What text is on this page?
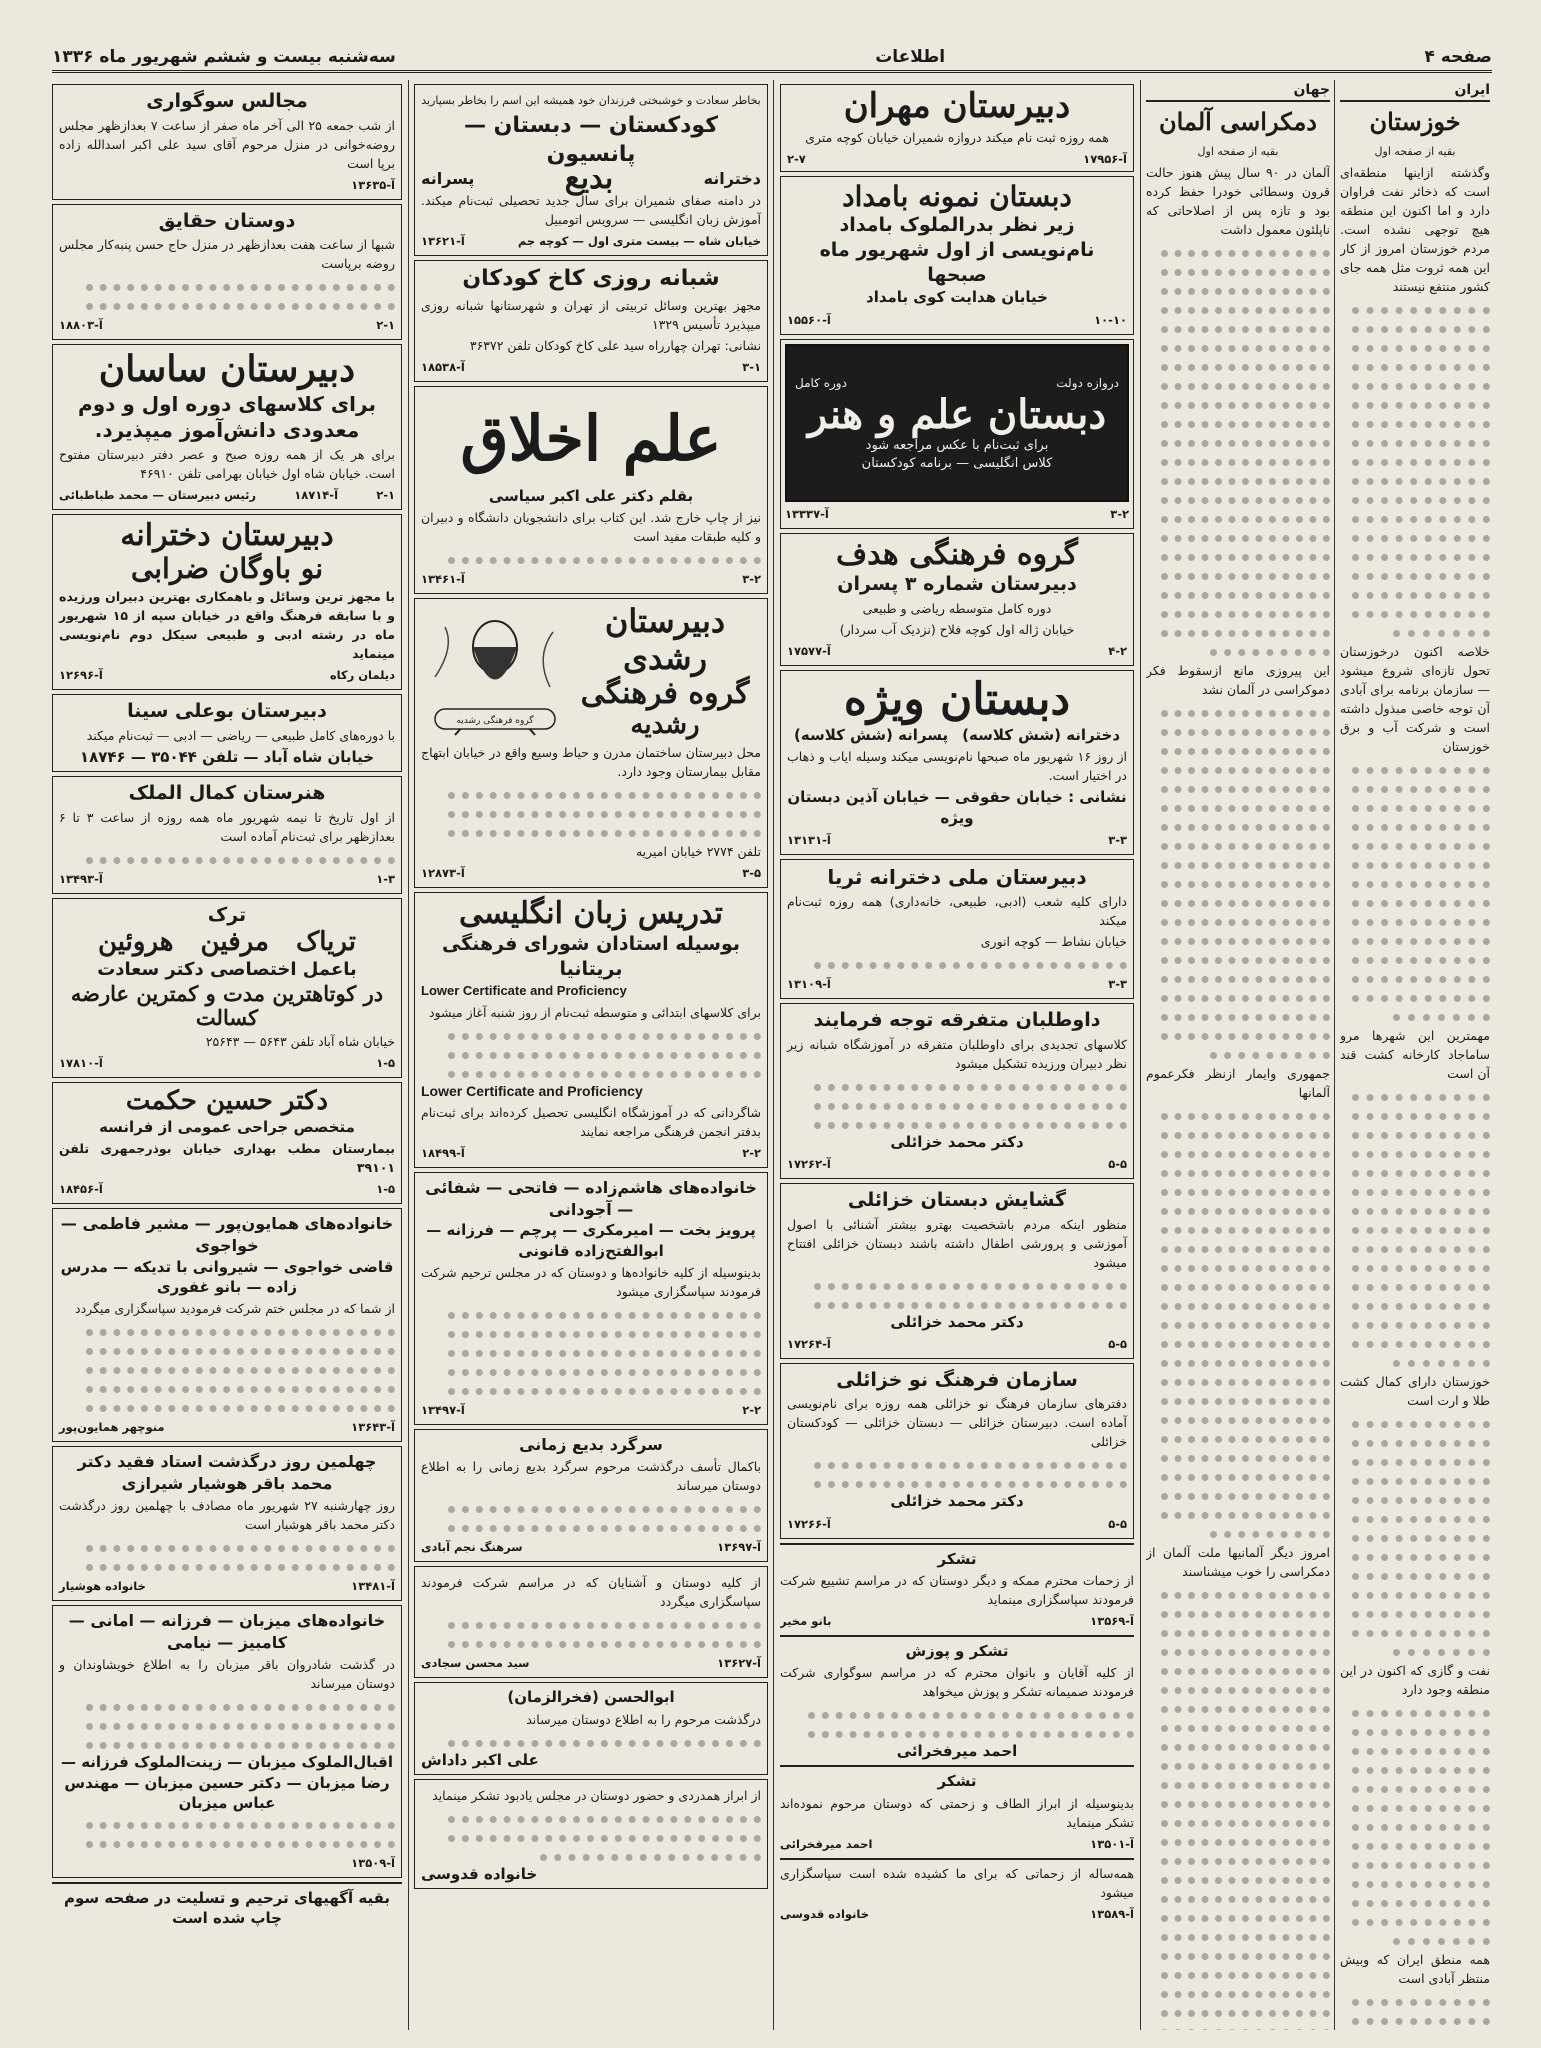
صفحه ۴
اطلاعات
سه‌شنبه بیست و ششم شهریور ماه ۱۳۳۶
ایران
خوزستان
بقیه از صفحه اول
وگذشته ازاینها منطقه‌ای است که ذخائر نفت فراوان دارد و اما اکنون این منطقه هیچ توجهی نشده است. مردم خوزستان امروز از کار این همه ثروت مثل همه جای کشور منتفع نیستند
خلاصه اکنون درخوزستان تحول تازه‌ای شروع میشود — سازمان برنامه برای آبادی آن توجه خاصی مبذول داشته است و شرکت آب و برق خوزستان
مهمترین این شهرها مرو ساماجاد کارخانه کشت قند آن است
خوزستان دارای کمال کشت طلا و ارت است
نفت و گازی که اکنون در این منطقه وجود دارد
همه منطق ایران که وبیش منتظر آبادی است
جهان
دمکراسی آلمان
بقیه از صفحه اول
آلمان در ۹۰ سال پیش هنوز حالت قرون وسطائی خودرا حفظ کرده بود و تازه پس از اصلاحاتی که ناپلئون معمول داشت
این پیروزی مانع ازسقوط فکر دموکراسی در آلمان نشد
جمهوری وایمار ازنظر فکرعموم آلمانها
امروز دیگر آلمانیها ملت آلمان از دمکراسی را خوب میشناسند
دبیرستان مهران
همه روزه ثبت نام میکند دروازه شمیران خیابان کوچه متری
آ-۱۷۹۵۶
۲-۷
دبستان نمونه بامداد
زیر نظر بدرالملوک بامداد
نام‌نویسی از اول شهریور ماه صبحها
خیابان هدایت کوی بامداد
۱۰-۱۰
آ-۱۵۵۶۰
دروازه دولت
دوره کامل
دبستان علم و هنر
برای ثبت‌نام با عکس مراجعه شود
کلاس انگلیسی — برنامه کودکستان
۳-۲
آ-۱۳۳۳۷
گروه فرهنگی هدف
دبیرستان شماره ۳ پسران
دوره کامل متوسطه ریاضی و طبیعی
خیابان ژاله اول کوچه فلاح (نزدیک آب سردار)
۴-۲
آ-۱۷۵۷۷
دبستان ویژه
دخترانه (شش کلاسه)
پسرانه (شش کلاسه)
از روز ۱۶ شهریور ماه صبحها نام‌نویسی میکند وسیله ایاب و ذهاب در اختیار است.
نشانی : خیابان حقوقی — خیابان آذین دبستان ویژه
۳-۳
آ-۱۳۱۳۱
دبیرستان ملی دخترانه ثریا
دارای کلیه شعب (ادبی، طبیعی، خانه‌داری) همه روزه ثبت‌نام میکند
خیابان نشاط — کوچه انوری
۳-۳
آ-۱۳۱۰۹
داوطلبان متفرقه توجه فرمایند
کلاسهای تجدیدی برای داوطلبان متفرقه در آموزشگاه شبانه زیر نظر دبیران ورزیده تشکیل میشود
دکتر محمد خزائلی
۵-۵
آ-۱۷۲۶۲
گشایش دبستان خزائلی
منظور اینکه مردم باشخصیت بهترو بیشتر آشنائی با اصول آموزشی و پرورشی اطفال داشته باشند دبستان خزائلی افتتاح میشود
دکتر محمد خزائلی
۵-۵
آ-۱۷۲۶۴
سازمان فرهنگ نو خزائلی
دفترهای سازمان فرهنگ نو خزائلی همه روزه برای نام‌نویسی آماده است. دبیرستان خزائلی — دبستان خزائلی — کودکستان خزائلی
دکتر محمد خزائلی
۵-۵
آ-۱۷۲۶۶
تشکر
از زحمات محترم ممکه و دیگر دوستان که در مراسم تشییع شرکت فرمودند سپاسگزاری مینماید
آ-۱۳۵۶۹
بانو مخیر
تشکر و پوزش
از کلیه آقایان و بانوان محترم که در مراسم سوگواری شرکت فرمودند صمیمانه تشکر و پوزش میخواهد
احمد میرفخرائی
تشکر
بدینوسیله از ابراز الطاف و زحمتی که دوستان مرحوم نموده‌اند تشکر مینماید
آ-۱۳۵۰۱
احمد میرفخرائی
همه‌ساله از زحماتی که برای ما کشیده شده است سپاسگزاری میشود
آ-۱۳۵۸۹
خانواده قدوسی
بخاطر سعادت و خوشبختی فرزندان خود همیشه این اسم را بخاطر بسپارید
کودکستان — دبستان — پانسیون
دخترانه
بدیع
پسرانه
در دامنه صفای شمیران برای سال جدید تحصیلی ثبت‌نام میکند. آموزش زبان انگلیسی — سرویس اتومبیل
خیابان شاه — بیست متری اول — کوچه جم
آ-۱۳۶۲۱
شبانه روزی کاخ کودکان
مجهز بهترین وسائل تربیتی از تهران و شهرستانها شبانه روزی میپذیرد تأسیس ۱۳۲۹
نشانی: تهران چهارراه سید علی کاخ کودکان تلفن ۳۶۳۷۲
۳-۱
آ-۱۸۵۳۸
علم اخلاق
بقلم دکتر علی اکبر سیاسی
نیز از چاپ خارج شد. این کتاب برای دانشجویان دانشگاه و دبیران و کلیه طبقات مفید است
۳-۲
آ-۱۳۴۶۱
گروه فرهنگی رشدیه
دبیرستان رشدی
گروه فرهنگی
رشدیه
محل دبیرستان ساختمان مدرن و حیاط وسیع واقع در خیابان ابتهاج مقابل بیمارستان وجود دارد.
تلفن ۲۷۷۴ خیابان امیریه
۳-۵
آ-۱۲۸۷۳
تدریس زبان انگلیسی
بوسیله استادان شورای فرهنگی بریتانیا
Lower Certificate and Proficiency
برای کلاسهای ابتدائی و متوسطه ثبت‌نام از روز شنبه آغاز میشود
Lower Certificate and Proficiency
شاگردانی که در آموزشگاه انگلیسی تحصیل کرده‌اند برای ثبت‌نام بدفتر انجمن فرهنگی مراجعه نمایند
۲-۲
آ-۱۸۴۹۹
خانواده‌های هاشم‌زاده — فاتحی — شفائی — آجودانی
پرویز بخت — امیرمکری — پرچم — فرزانه — ابوالفتح‌زاده قانونی
بدینوسیله از کلیه خانواده‌ها و دوستان که در مجلس ترحیم شرکت فرمودند سپاسگزاری میشود
۲-۲
آ-۱۳۴۹۷
سرگرد بدیع زمانی
باکمال تأسف درگذشت مرحوم سرگرد بدیع زمانی را به اطلاع دوستان میرساند
آ-۱۳۶۹۷
سرهنگ نجم آبادی
از کلیه دوستان و آشنایان که در مراسم شرکت فرمودند سپاسگزاری میگردد
آ-۱۳۶۲۷
سید محسن سجادی
ابوالحسن (فخرالزمان)
درگذشت مرحوم را به اطلاع دوستان میرساند
علی اکبر داداش
از ابراز همدردی و حضور دوستان در مجلس یادبود تشکر مینماید
خانواده قدوسی
مجالس سوگواری
از شب جمعه ۲۵ الی آخر ماه صفر از ساعت ۷ بعدازظهر مجلس روضه‌خوانی در منزل مرحوم آقای سید علی اکبر اسدالله زاده برپا است
آ-۱۳۶۳۵
دوستان حقایق
شبها از ساعت هفت بعدازظهر در منزل حاج حسن پنبه‌کار مجلس روضه برپاست
۲-۱
آ-۱۸۸۰۳
دبیرستان ساسان
برای کلاسهای دوره اول و دوم
معدودی دانش‌آموز میپذیرد.
برای هر یک از همه روزه صبح و عصر دفتر دبیرستان مفتوح است. خیابان شاه اول خیابان بهرامی تلفن ۴۶۹۱۰
۲-۱
آ-۱۸۷۱۴
رئیس دبیرستان — محمد طباطبائی
دبیرستان دخترانه
نو باوگان ضرابی
با مجهز ترین وسائل و باهمکاری بهترین دبیران ورزیده و با سابقه فرهنگ واقع در خیابان سپه از ۱۵ شهریور ماه در رشته ادبی و طبیعی سیکل دوم نام‌نویسی مینماید
دیلمان رکاه
آ-۱۲۶۹۶
دبیرستان بوعلی سینا
با دوره‌های کامل طبیعی — ریاضی — ادبی — ثبت‌نام میکند
خیابان شاه آباد — تلفن ۳۵۰۴۴ — ۱۸۷۴۶
هنرستان کمال الملک
از اول تاریخ تا نیمه شهریور ماه همه روزه از ساعت ۳ تا ۶ بعدازظهر برای ثبت‌نام آماده است
۱-۳
آ-۱۳۴۹۳
ترک
تریاک مرفین هروئین
باعمل اختصاصی دکتر سعادت
در کوتاهترین مدت و کمترین عارضه کسالت
خیابان شاه آباد تلفن ۵۶۴۳ — ۲۵۶۴۳
۱-۵
آ-۱۷۸۱۰
دکتر حسین حکمت
متخصص جراحی عمومی از فرانسه
بیمارستان مطب بهداری خیابان بوذرجمهری تلفن ۳۹۱۰۱
۱-۵
آ-۱۸۴۵۶
خانواده‌های همایون‌پور — مشیر فاطمی — خواجوی
قاضی خواجوی — شیروانی با تدیکه — مدرس زاده — بانو غفوری
از شما که در مجلس ختم شرکت فرمودید سپاسگزاری میگردد
آ-۱۳۶۴۳
منوچهر همایون‌پور
چهلمین روز درگذشت استاد فقید دکتر محمد باقر هوشیار شیرازی
روز چهارشنبه ۲۷ شهریور ماه مصادف با چهلمین روز درگذشت دکتر محمد باقر هوشیار است
آ-۱۳۴۸۱
خانواده هوشیار
خانواده‌های میزبان — فرزانه — امانی — کامبیز — نیامی
در گذشت شادروان باقر میزبان را به اطلاع خویشاوندان و دوستان میرساند
اقبال‌الملوک میزبان — زینت‌الملوک فرزانه — رضا میزبان — دکتر حسین میزبان — مهندس عباس میزبان
آ-۱۳۵۰۹
بقیه آگهیهای ترحیم و تسلیت در صفحه سوم چاپ شده است
